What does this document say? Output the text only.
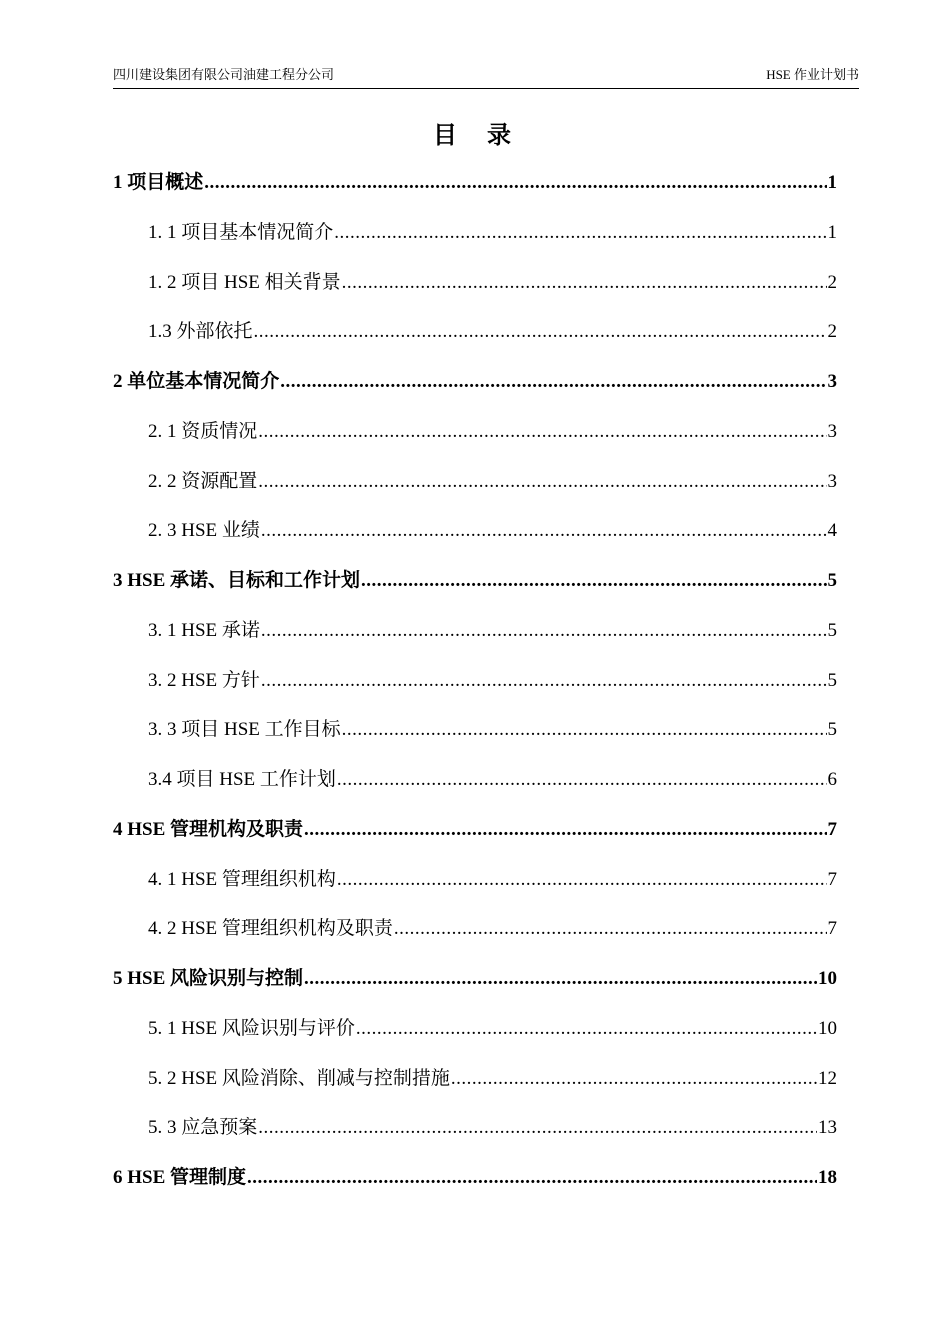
四川建设集团有限公司油建工程分公司	HSE 作业计划书
目录
1 项目概述 .....	1
1. 1 项目基本情况简介 .....	1
1. 2 项目 HSE 相关背景 .....	2
1.3 外部依托 .....	2
2 单位基本情况简介 .....	3
2. 1 资质情况 .....	3
2. 2 资源配置 .....	3
2. 3 HSE 业绩 .....	4
3 HSE 承诺、目标和工作计划 .....	5
3. 1 HSE 承诺 .....	5
3. 2 HSE 方针 .....	5
3. 3 项目 HSE 工作目标 .....	5
3.4 项目 HSE 工作计划 .....	6
4 HSE 管理机构及职责 .....	7
4. 1 HSE 管理组织机构 .....	7
4. 2 HSE 管理组织机构及职责 .....	7
5 HSE 风险识别与控制 .....	10
5. 1 HSE 风险识别与评价 .....	10
5. 2 HSE 风险消除、削减与控制措施 .....	12
5. 3 应急预案 .....	13
6 HSE 管理制度 .....	18
